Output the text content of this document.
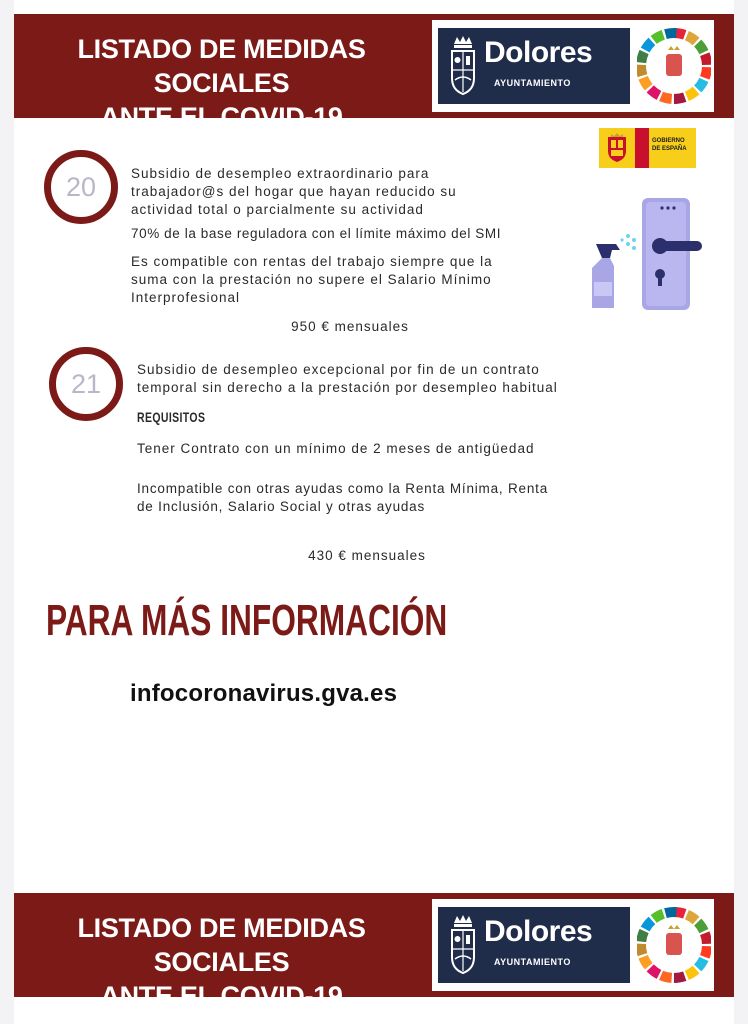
LISTADO DE MEDIDAS SOCIALES
ANTE EL COVID-19
Dolores
AYUNTAMIENTO
GOBIERNO
DE ESPAÑA
20	Subsidio de desempleo extraordinario para
trabajador@s del hogar que hayan reducido su
actividad total o parcialmente su actividad
70% de la base reguladora con el límite máximo del SMI
Es compatible con rentas del trabajo siempre que la
suma con la prestación no supere el Salario Mínimo
Interprofesional
950 € mensuales
21	Subsidio de desempleo excepcional por fin de un contrato
temporal sin derecho a la prestación por desempleo habitual
REQUISITOS
Tener Contrato con un mínimo de 2 meses de antigüedad
Incompatible con otras ayudas como la Renta Mínima, Renta
de Inclusión, Salario Social y otras ayudas
430 € mensuales
PARA MÁS INFORMACIÓN
infocoronavirus.gva.es
LISTADO DE MEDIDAS SOCIALES
ANTE EL COVID-19
Dolores
AYUNTAMIENTO
